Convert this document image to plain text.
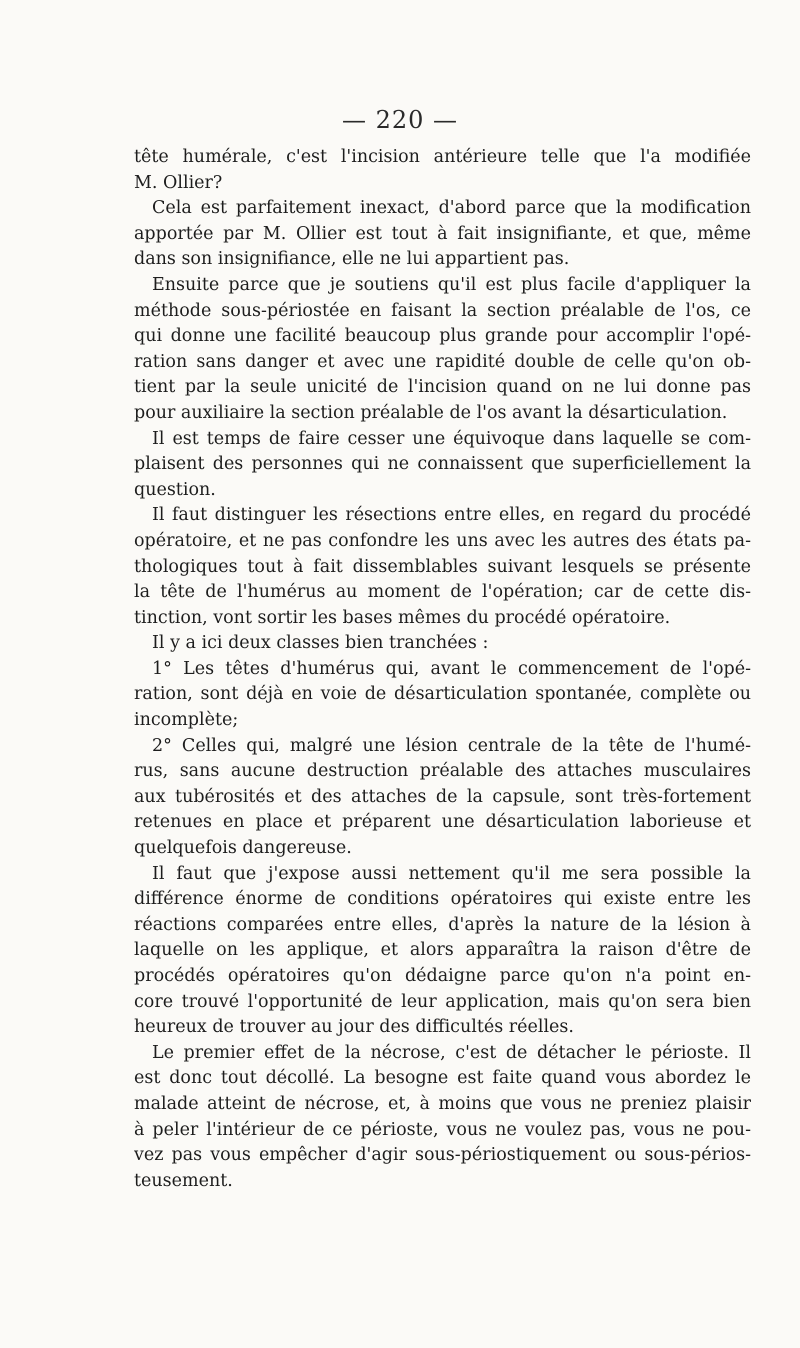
— 220 —
tête humérale, c'est l'incision antérieure telle que l'a modifiée
M. Ollier?
Cela est parfaitement inexact, d'abord parce que la modification
apportée par M. Ollier est tout à fait insignifiante, et que, même
dans son insignifiance, elle ne lui appartient pas.
Ensuite parce que je soutiens qu'il est plus facile d'appliquer la
méthode sous-périostée en faisant la section préalable de l'os, ce
qui donne une facilité beaucoup plus grande pour accomplir l'opé-
ration sans danger et avec une rapidité double de celle qu'on ob-
tient par la seule unicité de l'incision quand on ne lui donne pas
pour auxiliaire la section préalable de l'os avant la désarticulation.
Il est temps de faire cesser une équivoque dans laquelle se com-
plaisent des personnes qui ne connaissent que superficiellement la
question.
Il faut distinguer les résections entre elles, en regard du procédé
opératoire, et ne pas confondre les uns avec les autres des états pa-
thologiques tout à fait dissemblables suivant lesquels se présente
la tête de l'humérus au moment de l'opération; car de cette dis-
tinction, vont sortir les bases mêmes du procédé opératoire.
Il y a ici deux classes bien tranchées :
1° Les têtes d'humérus qui, avant le commencement de l'opé-
ration, sont déjà en voie de désarticulation spontanée, complète ou
incomplète;
2° Celles qui, malgré une lésion centrale de la tête de l'humé-
rus, sans aucune destruction préalable des attaches musculaires
aux tubérosités et des attaches de la capsule, sont très-fortement
retenues en place et préparent une désarticulation laborieuse et
quelquefois dangereuse.
Il faut que j'expose aussi nettement qu'il me sera possible la
différence énorme de conditions opératoires qui existe entre les
réactions comparées entre elles, d'après la nature de la lésion à
laquelle on les applique, et alors apparaîtra la raison d'être de
procédés opératoires qu'on dédaigne parce qu'on n'a point en-
core trouvé l'opportunité de leur application, mais qu'on sera bien
heureux de trouver au jour des difficultés réelles.
Le premier effet de la nécrose, c'est de détacher le périoste. Il
est donc tout décollé. La besogne est faite quand vous abordez le
malade atteint de nécrose, et, à moins que vous ne preniez plaisir
à peler l'intérieur de ce périoste, vous ne voulez pas, vous ne pou-
vez pas vous empêcher d'agir sous-périostiquement ou sous-périos-
teusement.
